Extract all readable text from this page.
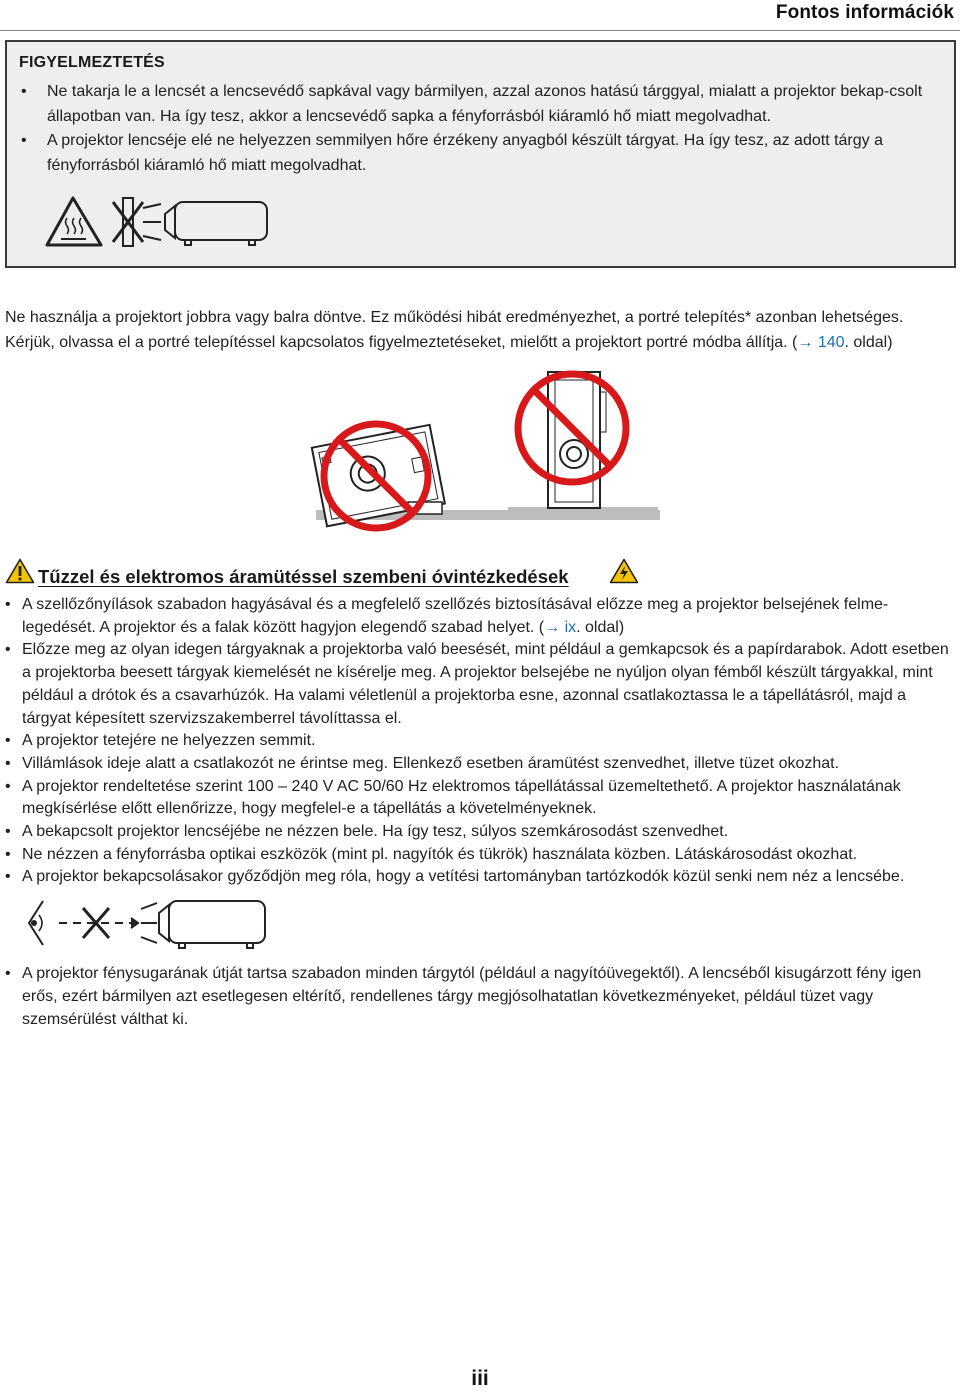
Fontos információk
FIGYELMEZTETÉS
• Ne takarja le a lencsét a lencsevédő sapkával vagy bármilyen, azzal azonos hatású tárggyal, mialatt a projektor bekap-csolt állapotban van. Ha így tesz, akkor a lencsevédő sapka a fényforrásból kiáramló hő miatt megolvadhat.
• A projektor lencséje elé ne helyezzen semmilyen hőre érzékeny anyagból készült tárgyat. Ha így tesz, az adott tárgy a fényforrásból kiáramló hő miatt megolvadhat.
Ne használja a projektort jobbra vagy balra döntve. Ez működési hibát eredményezhet, a portré telepítés* azonban lehetséges. Kérjük, olvassa el a portré telepítéssel kapcsolatos figyelmeztetéseket, mielőtt a projektort portré módba állítja. (→ 140. oldal)
Tűzzel és elektromos áramütéssel szembeni óvintézkedések
• A szellőzőnyílások szabadon hagyásával és a megfelelő szellőzés biztosításával előzze meg a projektor belsejének felme-legedését. A projektor és a falak között hagyjon elegendő szabad helyet. (→ ix. oldal)
• Előzze meg az olyan idegen tárgyaknak a projektorba való beesését, mint például a gemkapcsok és a papírdarabok. Adott esetben a projektorba beesett tárgyak kiemelését ne kísérelje meg. A projektor belsejébe ne nyúljon olyan fémből készült tárgyakkal, mint például a drótok és a csavarhúzók. Ha valami véletlenül a projektorba esne, azonnal csatlakoztassa le a tápellátásról, majd a tárgyat képesített szervizszakemberrel távolíttassa el.
• A projektor tetejére ne helyezzen semmit.
• Villámlások ideje alatt a csatlakozót ne érintse meg. Ellenkező esetben áramütést szenvedhet, illetve tüzet okozhat.
• A projektor rendeltetése szerint 100 – 240 V AC 50/60 Hz elektromos tápellátással üzemeltethető. A projektor használatának megkísérlése előtt ellenőrizze, hogy megfelel-e a tápellátás a követelményeknek.
• A bekapcsolt projektor lencséjébe ne nézzen bele. Ha így tesz, súlyos szemkárosodást szenvedhet.
• Ne nézzen a fényforrásba optikai eszközök (mint pl. nagyítók és tükrök) használata közben. Látáskárosodást okozhat.
• A projektor bekapcsolásakor győződjön meg róla, hogy a vetítési tartományban tartózkodók közül senki nem néz a lencsébe.
• A projektor fénysugarának útját tartsa szabadon minden tárgytól (például a nagyítóüvegektől). A lencséből kisugárzott fény igen erős, ezért bármilyen azt esetlegesen eltérítő, rendellenes tárgy megjósolhatatlan következményeket, például tüzet vagy szemsérülést válthat ki.
iii
